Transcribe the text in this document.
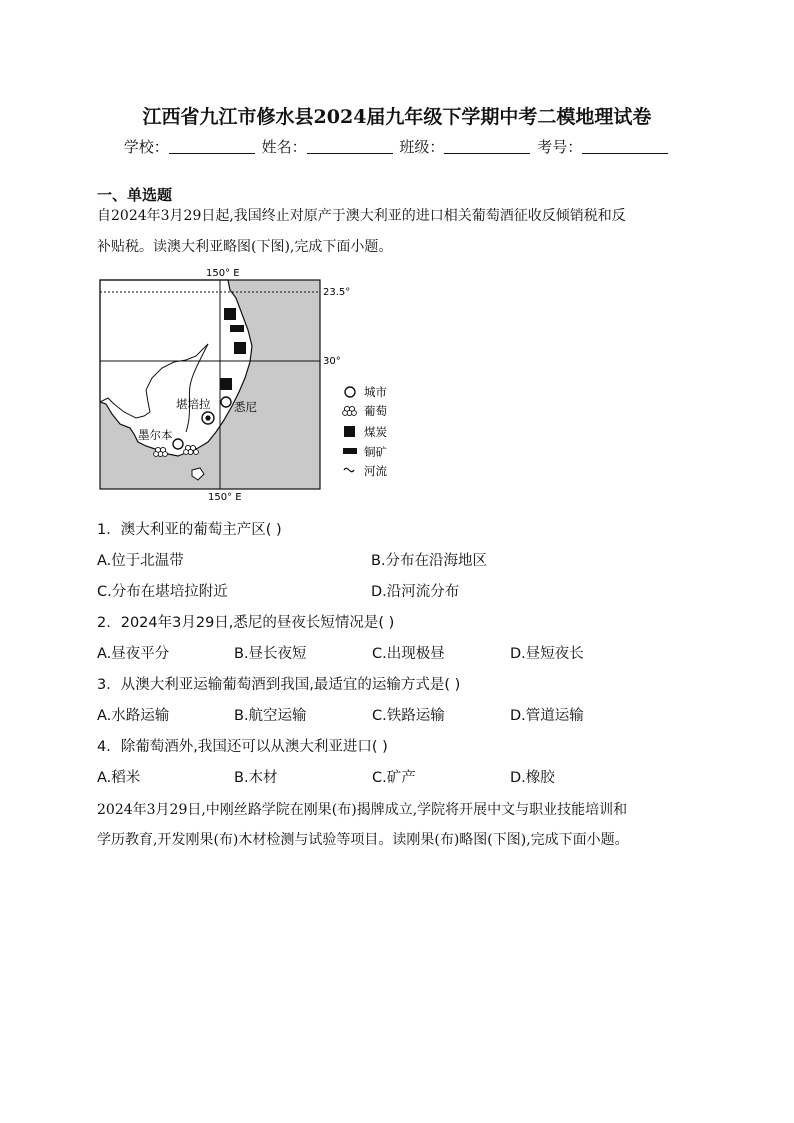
江西省九江市修水县2024届九年级下学期中考二模地理试卷
学校：	姓名：	班级：	考号：
一、单选题
自2024年3月29日起,我国终止对原产于澳大利亚的进口相关葡萄酒征收反倾销税和反
补贴税。读澳大利亚略图(下图),完成下面小题。
150° E
150° E
23.5°
30°
堪培拉 悉尼
墨尔本
城市
葡萄
煤炭
铜矿
河流
1．澳大利亚的葡萄主产区( )
A.位于北温带	B.分布在沿海地区
C.分布在堪培拉附近	D.沿河流分布
2．2024年3月29日,悉尼的昼夜长短情况是( )
A.昼夜平分	B.昼长夜短	C.出现极昼	D.昼短夜长
3．从澳大利亚运输葡萄酒到我国,最适宜的运输方式是( )
A.水路运输	B.航空运输	C.铁路运输	D.管道运输
4．除葡萄酒外,我国还可以从澳大利亚进口( )
A.稻米	B.木材	C.矿产	D.橡胶
2024年3月29日,中刚丝路学院在刚果(布)揭牌成立,学院将开展中文与职业技能培训和
学历教育,开发刚果(布)木材检测与试验等项目。读刚果(布)略图(下图),完成下面小题。
